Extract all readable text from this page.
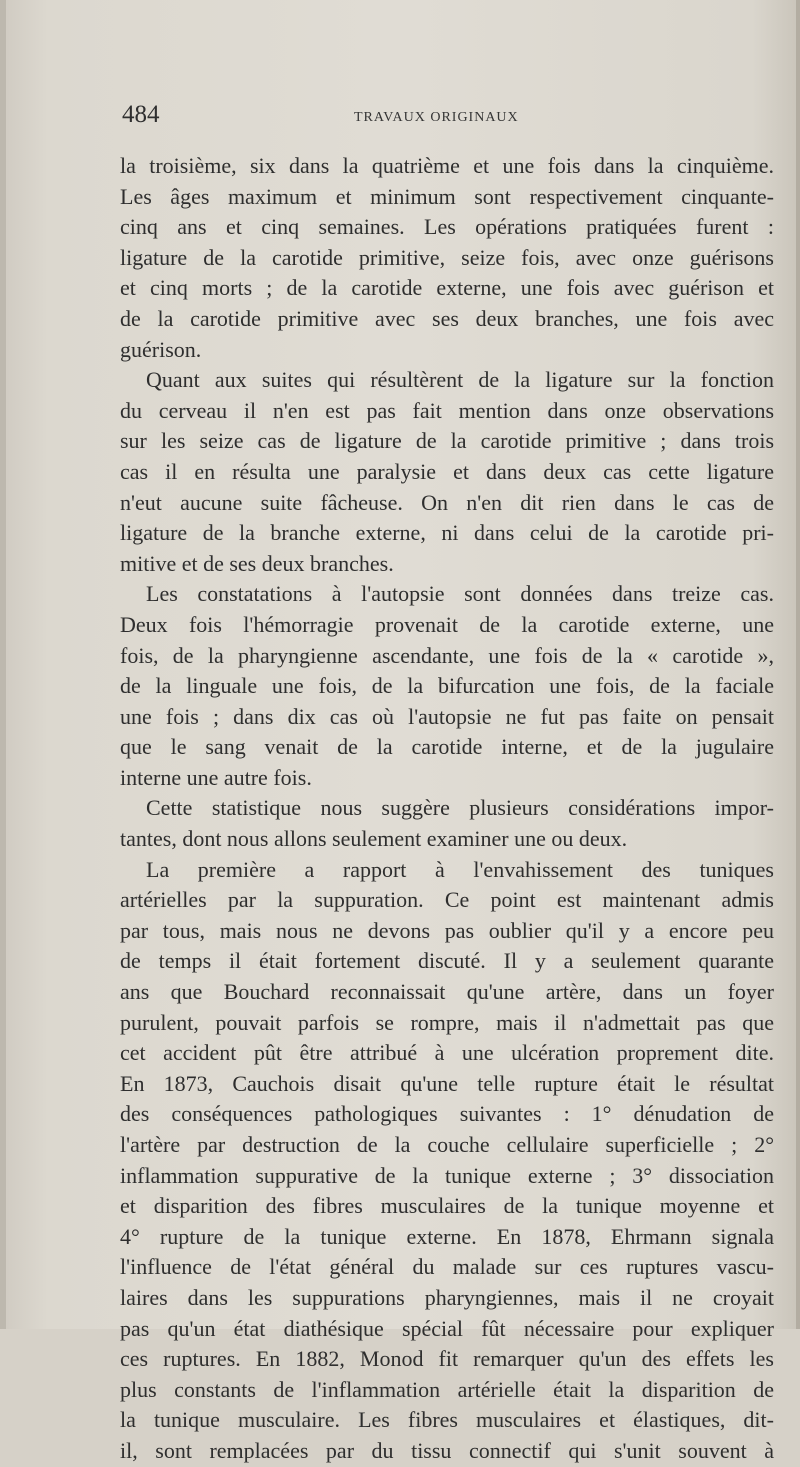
484	TRAVAUX ORIGINAUX
la troisième, six dans la quatrième et une fois dans la cinquième.
Les âges maximum et minimum sont respectivement cinquante-
cinq ans et cinq semaines. Les opérations pratiquées furent :
ligature de la carotide primitive, seize fois, avec onze guérisons
et cinq morts ; de la carotide externe, une fois avec guérison et
de la carotide primitive avec ses deux branches, une fois avec
guérison.
Quant aux suites qui résultèrent de la ligature sur la fonction
du cerveau il n'en est pas fait mention dans onze observations
sur les seize cas de ligature de la carotide primitive ; dans trois
cas il en résulta une paralysie et dans deux cas cette ligature
n'eut aucune suite fâcheuse. On n'en dit rien dans le cas de
ligature de la branche externe, ni dans celui de la carotide pri-
mitive et de ses deux branches.
Les constatations à l'autopsie sont données dans treize cas.
Deux fois l'hémorragie provenait de la carotide externe, une
fois, de la pharyngienne ascendante, une fois de la « carotide »,
de la linguale une fois, de la bifurcation une fois, de la faciale
une fois ; dans dix cas où l'autopsie ne fut pas faite on pensait
que le sang venait de la carotide interne, et de la jugulaire
interne une autre fois.
Cette statistique nous suggère plusieurs considérations impor-
tantes, dont nous allons seulement examiner une ou deux.
La première a rapport à l'envahissement des tuniques
artérielles par la suppuration. Ce point est maintenant admis
par tous, mais nous ne devons pas oublier qu'il y a encore peu
de temps il était fortement discuté. Il y a seulement quarante
ans que Bouchard reconnaissait qu'une artère, dans un foyer
purulent, pouvait parfois se rompre, mais il n'admettait pas que
cet accident pût être attribué à une ulcération proprement dite.
En 1873, Cauchois disait qu'une telle rupture était le résultat
des conséquences pathologiques suivantes : 1° dénudation de
l'artère par destruction de la couche cellulaire superficielle ; 2°
inflammation suppurative de la tunique externe ; 3° dissociation
et disparition des fibres musculaires de la tunique moyenne et
4° rupture de la tunique externe. En 1878, Ehrmann signala
l'influence de l'état général du malade sur ces ruptures vascu-
laires dans les suppurations pharyngiennes, mais il ne croyait
pas qu'un état diathésique spécial fût nécessaire pour expliquer
ces ruptures. En 1882, Monod fit remarquer qu'un des effets les
plus constants de l'inflammation artérielle était la disparition de
la tunique musculaire. Les fibres musculaires et élastiques, dit-
il, sont remplacées par du tissu connectif qui s'unit souvent à
